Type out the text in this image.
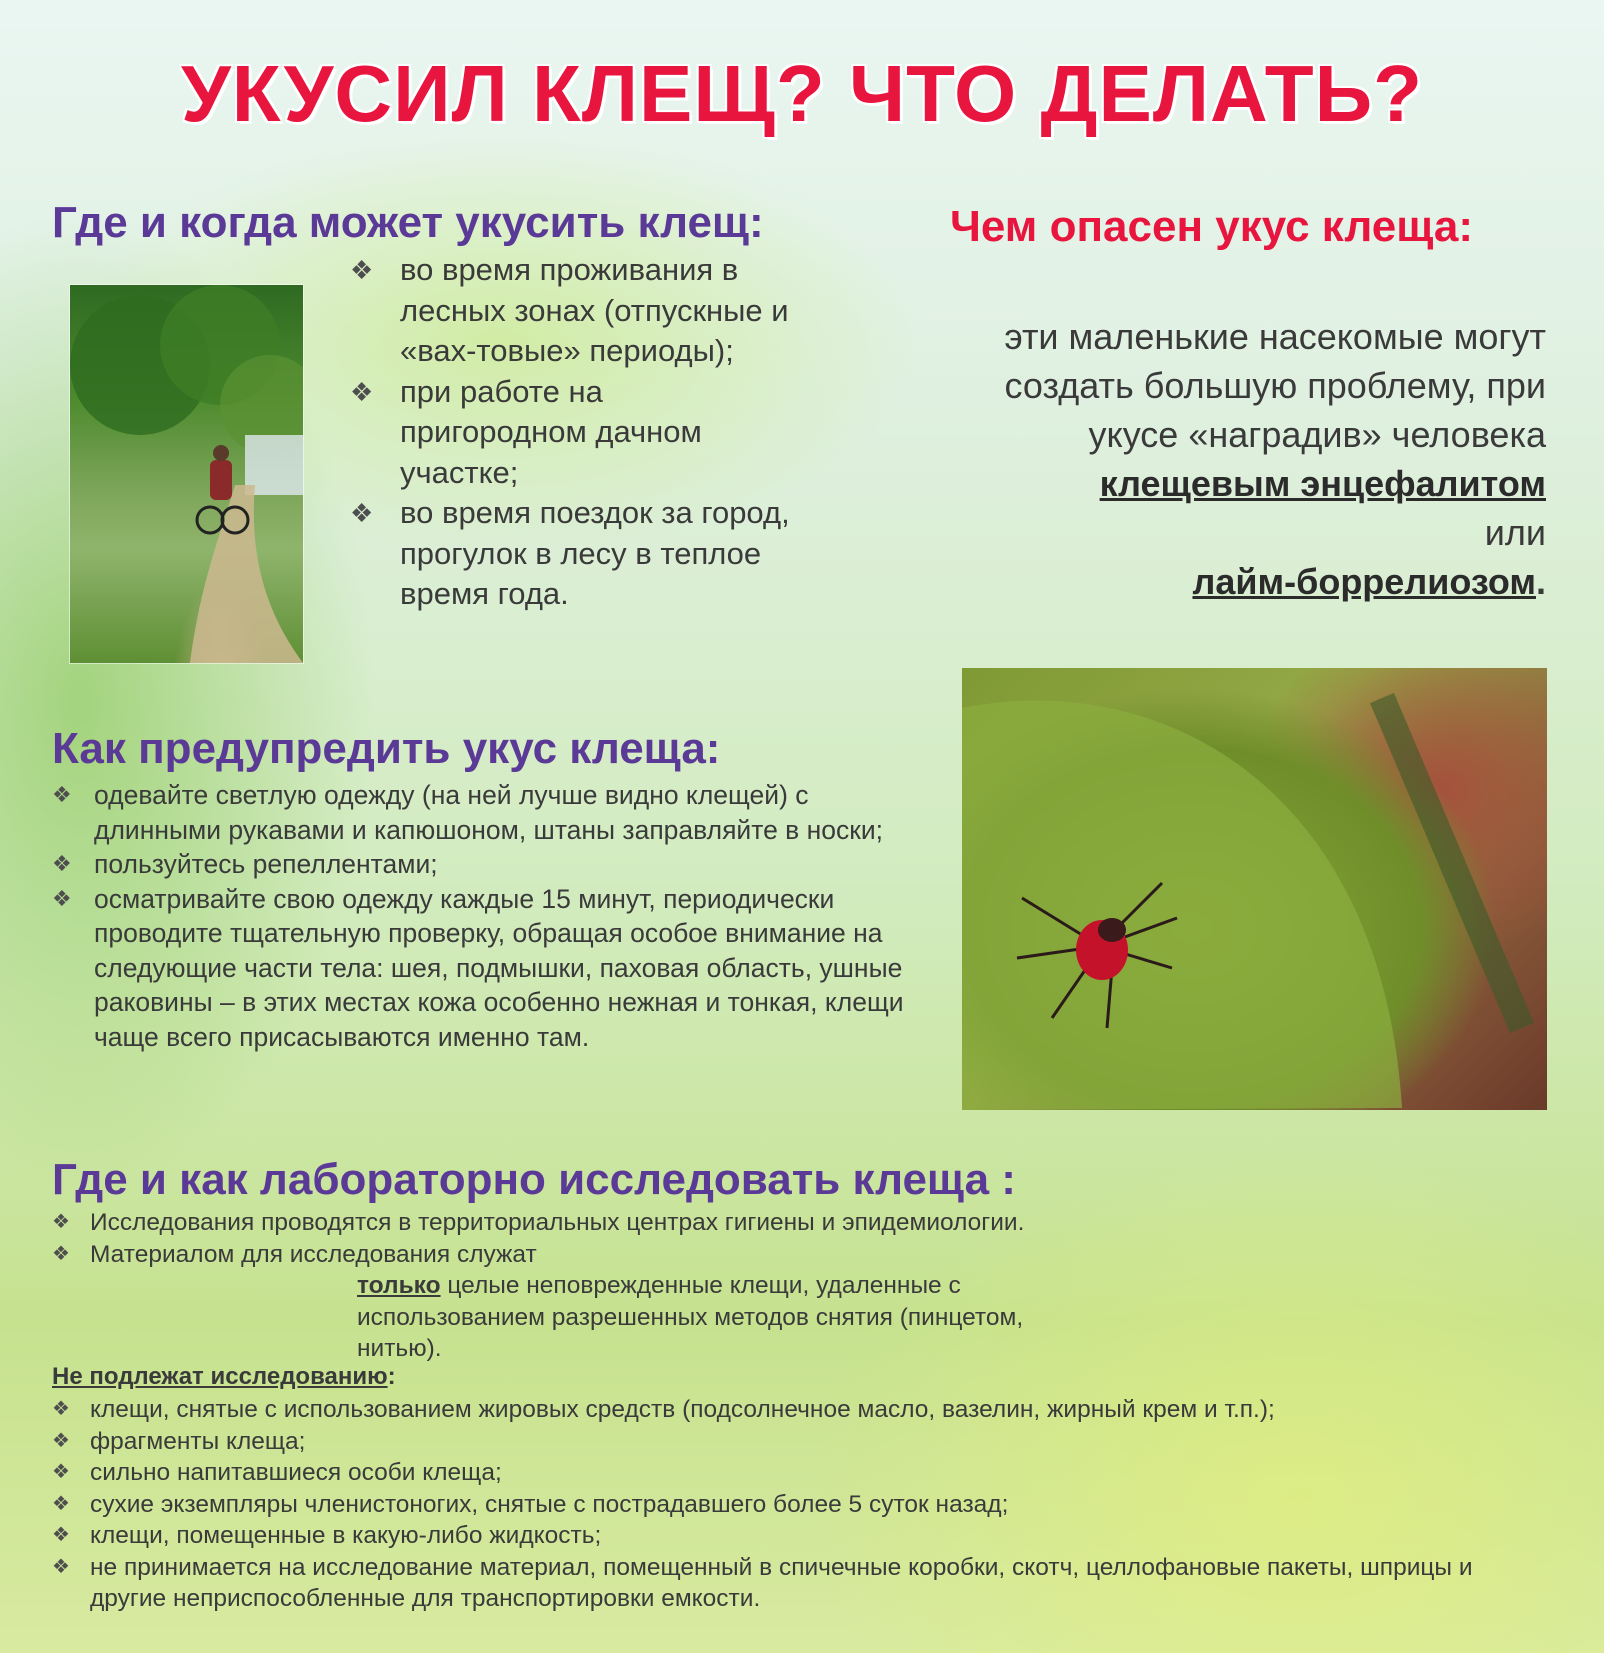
УКУСИЛ КЛЕЩ? ЧТО ДЕЛАТЬ?
Где и когда может укусить клещ:
❖ во время проживания в лесных зонах (отпускные и «вах-товые» периоды);
❖ при работе на пригородном дачном участке;
❖ во время поездок за город, прогулок в лесу в теплое время года.
Чем опасен укус клеща:
эти маленькие насекомые могут создать большую проблему, при укусе «наградив» человека
клещевым энцефалитом
или
лайм-боррелиозом.
Как предупредить укус клеща:
❖ одевайте светлую одежду (на ней лучше видно клещей) с длинными рукавами и капюшоном, штаны заправляйте в носки;
❖ пользуйтесь репеллентами;
❖ осматривайте свою одежду каждые 15 минут, периодически проводите тщательную проверку, обращая особое внимание на следующие части тела: шея, подмышки, паховая область, ушные раковины – в этих местах кожа особенно нежная и тонкая, клещи чаще всего присасываются именно там.
Где и как лабораторно исследовать клеща :
❖ Исследования проводятся в территориальных центрах гигиены и эпидемиологии.
❖ Материалом для исследования служат
только целые неповрежденные клещи, удаленные с использованием разрешенных методов снятия (пинцетом, нитью).
Не подлежат исследованию:
❖ клещи, снятые с использованием жировых средств (подсолнечное масло, вазелин, жирный крем и т.п.);
❖ фрагменты клеща;
❖ сильно напитавшиеся особи клеща;
❖ сухие экземпляры членистоногих, снятые с пострадавшего более 5 суток назад;
❖ клещи, помещенные в какую-либо жидкость;
❖ не принимается на исследование материал, помещенный в спичечные коробки, скотч, целлофановые пакеты, шприцы и другие неприспособленные для транспортировки емкости.
